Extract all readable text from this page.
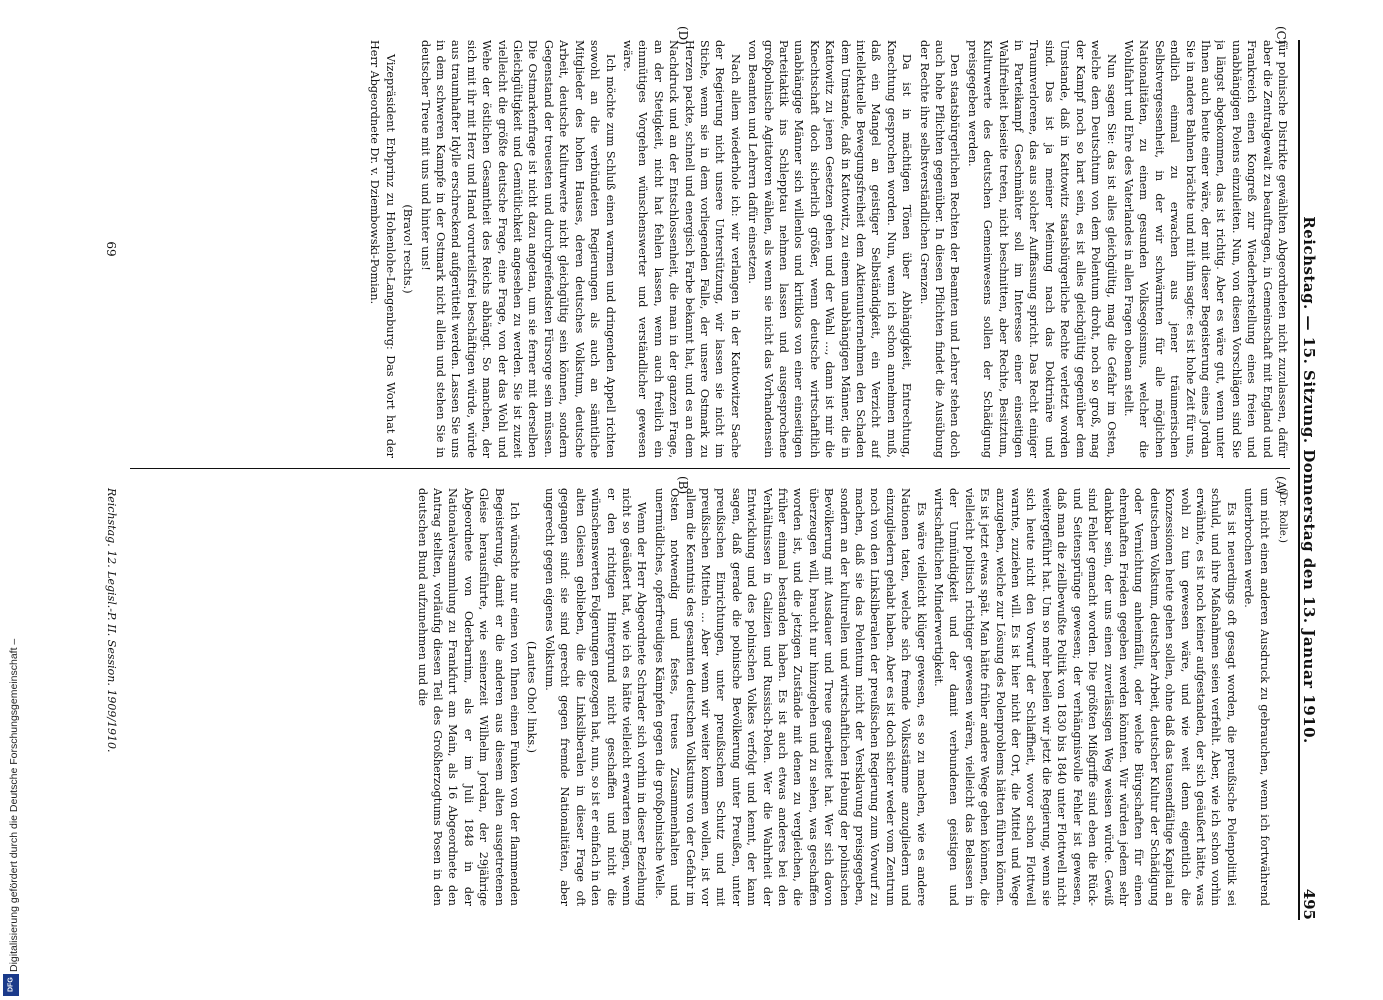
Reichstag. — 15. Sitzung. Donnerstag den 13. Januar 1910.
495
(Dr. Rolle.)

um nicht einen anderen Ausdruck zu gebrauchen, wenn ich fortwährend unterbrochen werde.

Es ist neuerdings oft gesagt worden, die preußische Polenpolitik sei schuld, und ihre Maßnahmen seien verfehlt. Aber, wie ich schon vorhin erwähnte, es ist noch keiner aufgestanden, der sich geäußert hätte, was wohl zu tun gewesen wäre, und wie weit denn eigentlich die Konzessionen heute gehen sollen, ohne daß das tausendfältige Kapital an deutschem Volkstum, deutscher Arbeit, deutscher Kultur der Schädigung oder Vernichtung anheimfällt, oder welche Bürgschaften für einen ehrenhaften Frieden gegeben werden könnten. Wir würden jedem sehr dankbar sein, der uns einen zuverlässigen Weg weisen würde. Gewiß sind Fehler gemacht worden. Die größten Mißgriffe sind eben die Rück- und Seitensprünge gewesen; der verhängnisvolle Fehler ist gewesen, daß man die ziellbewußte Politik von 1830 bis 1840 unter Flottwell nicht weitergeführt hat. Um so mehr beeilen wir jetzt die Regierung, wenn sie sich heute nicht den Vorwurf der Schlaffheit, wovor schon Flottwell warnte, zuziehen will. Es ist hier nicht der Ort, die Mittel und Wege anzugeben, welche zur Lösung des Polenproblems hätten führen können. Es ist jetzt etwas spät. Man hätte früher andere Wege gehen können, die vielleicht politisch richtiger gewesen wären, vielleicht das Belassen in der Unmündigkeit und der damit verbundenen geistigen und wirtschaftlichen Minderwertigkeit.

Es wäre vielleicht klüger gewesen, es so zu machen, wie es andere Nationen taten, welche sich fremde Volksstämme anzugliedern und einzugliedern gehabt haben. Aber es ist doch sicher weder vom Zentrum noch von den Linksliberalen der preußischen Regierung zum Vorwurf zu machen, daß sie das Polentum nicht der Versklavung preisgegeben, sondern an der kulturellen und wirtschaftlichen Hebung der polnischen Bevölkerung mit Ausdauer und Treue gearbeitet hat. Wer sich davon überzeugen will, braucht nur hinzugehen und zu sehen, was geschaffen worden ist, und die jetzigen Zustände mit denen zu vergleichen, die früher einmal bestanden haben. Es ist auch etwas anderes bei den Verhältnissen in Galizien und Russisch-Polen. Wer die Wahrheit der Entwicklung und des polnischen Volkes verfolgt und kennt, der kann sagen, daß gerade die polnische Bevölkerung unter Preußen, unter preußischen Einrichtungen, unter preußischem Schutz und mit preußischen Mitteln ... Aber wenn wir weiter kommen wollen, ist vor allem die Kenntnis des gesamten deutschen Volkstums von der Gefahr im Osten notwendig und festes, treues Zusammenhalten und unermüdliches, opferfreudiges Kämpfen gegen die großpolnische Welle.

Wenn der Herr Abgeordnete Schrader sich vorhin in dieser Beziehung nicht so geäußert hat, wie ich es hätte vielleicht erwarten mögen, wenn er den richtigen Hintergrund nicht geschaffen und nicht die wünschenswerten Folgerungen gezogen hat, nun, so ist er einfach in den alten Gleisen geblieben, die die Linksliberalen in dieser Frage oft gegangen sind: sie sind gerecht gegen fremde Nationalitäten, aber ungerecht gegen eigenes Volkstum.

(Lautes Oho! links.)

Ich wünschte nur einen von Ihnen einen Funken von der flammenden Begeisterung, damit er die anderen aus diesem alten ausgetretenen Gleise herausführte, wie seinerzeit Wilhelm Jordan, der 29jährige Abgeordnete von Oderbarnim, als er im Juli 1848 in der Nationalversammlung zu Frankfurt am Main, als 16 Abgeordnete den Antrag stellten, vorläufig diesen Teil des Großherzogtums Posen in den deutschen Bund aufzunehmen und die

für polnische Distrikte gewählten Abgeordneten nicht zuzulassen, dafür aber die Zentralgewalt zu beauftragen, in Gemeinschaft mit England und Frankreich einen Kongreß zur Wiederherstellung eines freien und unabhängigen Polens einzuleiten. Nun, von diesen Vorschlägen sind Sie ja längst abgekommen, das ist richtig. Aber es wäre gut, wenn unter Ihnen auch heute einer wäre, der mit dieser Begeisterung eines Jordan Sie in andere Bahnen brächte und mit ihm sagte: es ist hohe Zeit für uns, endlich einmal zu erwachen aus jener träumerischen Selbstvergessenheit, in der wir schwärmten für alle möglichen Nationalitäten, zu einem gesunden Volksegoismus, welcher die Wohlfahrt und Ehre des Vaterlandes in allen Fragen obenan stellt.

Nun sagen Sie: das ist alles gleichgültig, mag die Gefahr im Osten, welche dem Deutschtum von dem Polentum droht, noch so groß, mag der Kampf noch so hart sein, es ist alles gleichgültig gegenüber dem Umstande, daß in Kattowitz staatsbürgerliche Rechte verletzt worden sind. Das ist ja meiner Meinung nach das Doktrinäre und Traumverlorene, das aus solcher Auffassung spricht. Das Recht einiger in Parteikampf Geschmähter soll im Interesse einer einseitigen Wahlfreiheit beiseite treten, nicht beschnitten, aber Rechte, Besitztum, Kulturwerte des deutschen Gemeinwesens sollen der Schädigung preisgegeben werden.

Den staatsbürgerlichen Rechten der Beamten und Lehrer stehen doch auch hohe Pflichten gegenüber. In diesen Pflichten findet die Ausübung der Rechte ihre selbstverständlichen Grenzen.

Da ist in mächtigen Tönen über Abhängigkeit, Entrechtung, Knechtung gesprochen worden. Nun, wenn ich schon annehmen muß, daß ein Mangel an geistiger Selbständigkeit, ein Verzicht auf intellektuelle Bewegungsfreiheit dem Aktienunternehmen den Schaden dem Umstande, daß in Kattowitz, zu einem unabhängigen Männer, die in Kattowitz zu jenen Gesetzen gehen und der Wahl ..., dann ist mir die Knechtschaft doch sicherlich größer, wenn deutsche wirtschaftlich unabhängige Männer sich willenlos und kritiklos von einer einseitigen Parteitaktik ins Schlepptau nehmen lassen und ausgesprochene großpolnische Agitatoren wählen, als wenn sie nicht das Vorhandensein von Beamten und Lehrern dafür einsetzen.

Nach allem wiederhole ich: wir verlangen in der Kattowitzer Sache der Regierung nicht unsere Unterstützung, wir lassen sie nicht im Stiche, wenn sie in dem vorliegenden Falle, der unsere Ostmark zu Herzen packte, schnell und energisch Farbe bekannt hat, und es an dem Nachdruck und an der Entschlossenheit, die man in der ganzen Frage, an der Stetigkeit, nicht hat fehlen lassen, wenn auch freilich ein einmütiges Vorgehen wünschenswerter und verständlicher gewesen wäre.

Ich möchte zum Schluß einen warmen und dringenden Appell richten sowohl an die verbündeten Regierungen als auch an sämtliche Mitglieder des hohen Hauses, deren deutsches Volkstum, deutsche Arbeit, deutsche Kulturwerte nicht gleichgültig sein können, sondern Gegenstand der treuesten und durchgreifendsten Fürsorge sein müssen. Die Ostmarkenfrage ist nicht dazu angetan, um sie ferner mit derselben Gleichgültigkeit und Gemütlichkeit angesehen zu werden. Sie ist zuzeit vielleicht die größte deutsche Frage, eine Frage, von der das Wohl und Wehe der östlichen Gesamtheit des Reichs abhängt. So manchen, der sich mit ihr mit Herz und Hand vorurteilsfrei beschäftigen würde, würde aus traumhafter Idylle erschreckend aufgerüttelt werden. Lassen Sie uns in dem schweren Kampfe in der Ostmark nicht allein und stehen Sie in deutscher Treue mit uns und hinter uns!

(Bravo! rechts.)

Vizepräsident Erbprinz zu Hohenlohe-Langenburg: Das Wort hat der Herr Abgeordnete Dr. v. Dziembowski-Pomian.

(A)
(B)
(C)
(D)
Reichstag. 12. Legisl.-P. II. Session. 1909/1910.
69
Digitalisierung gefördert durch die Deutsche Forschungsgemeinschaft –
DFG
